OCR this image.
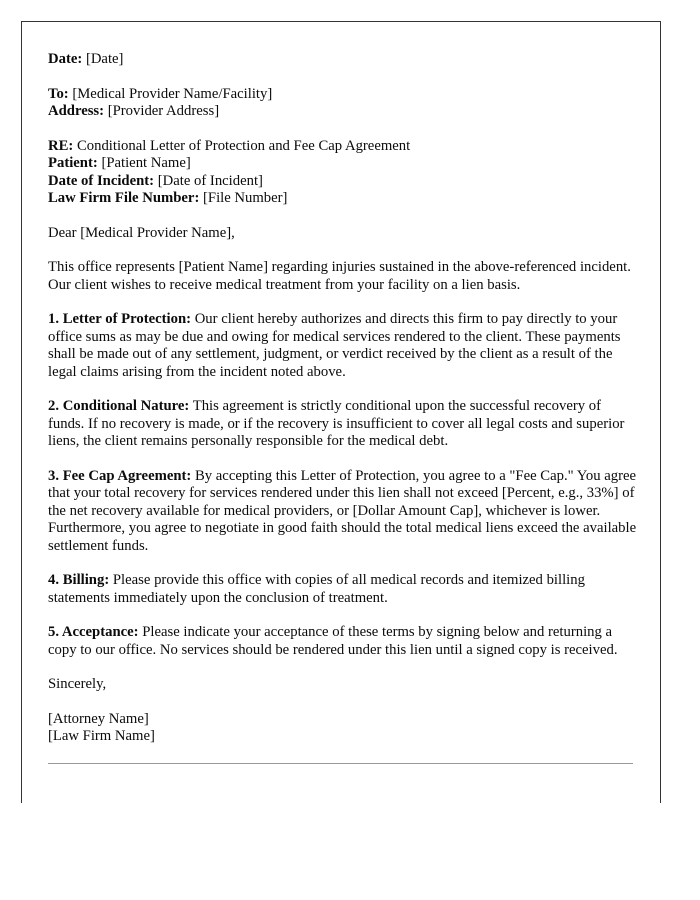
Date: [Date]
To: [Medical Provider Name/Facility]
Address: [Provider Address]
RE: Conditional Letter of Protection and Fee Cap Agreement
Patient: [Patient Name]
Date of Incident: [Date of Incident]
Law Firm File Number: [File Number]

Dear [Medical Provider Name],

This office represents [Patient Name] regarding injuries sustained in the above-referenced incident. Our client wishes to receive medical treatment from your facility on a lien basis.

1. Letter of Protection: Our client hereby authorizes and directs this firm to pay directly to your office sums as may be due and owing for medical services rendered to the client. These payments shall be made out of any settlement, judgment, or verdict received by the client as a result of the legal claims arising from the incident noted above.

2. Conditional Nature: This agreement is strictly conditional upon the successful recovery of funds. If no recovery is made, or if the recovery is insufficient to cover all legal costs and superior liens, the client remains personally responsible for the medical debt.

3. Fee Cap Agreement: By accepting this Letter of Protection, you agree to a "Fee Cap." You agree that your total recovery for services rendered under this lien shall not exceed [Percent, e.g., 33%] of the net recovery available for medical providers, or [Dollar Amount Cap], whichever is lower. Furthermore, you agree to negotiate in good faith should the total medical liens exceed the available settlement funds.

4. Billing: Please provide this office with copies of all medical records and itemized billing statements immediately upon the conclusion of treatment.

5. Acceptance: Please indicate your acceptance of these terms by signing below and returning a copy to our office. No services should be rendered under this lien until a signed copy is received.

Sincerely,

[Attorney Name]
[Law Firm Name]
